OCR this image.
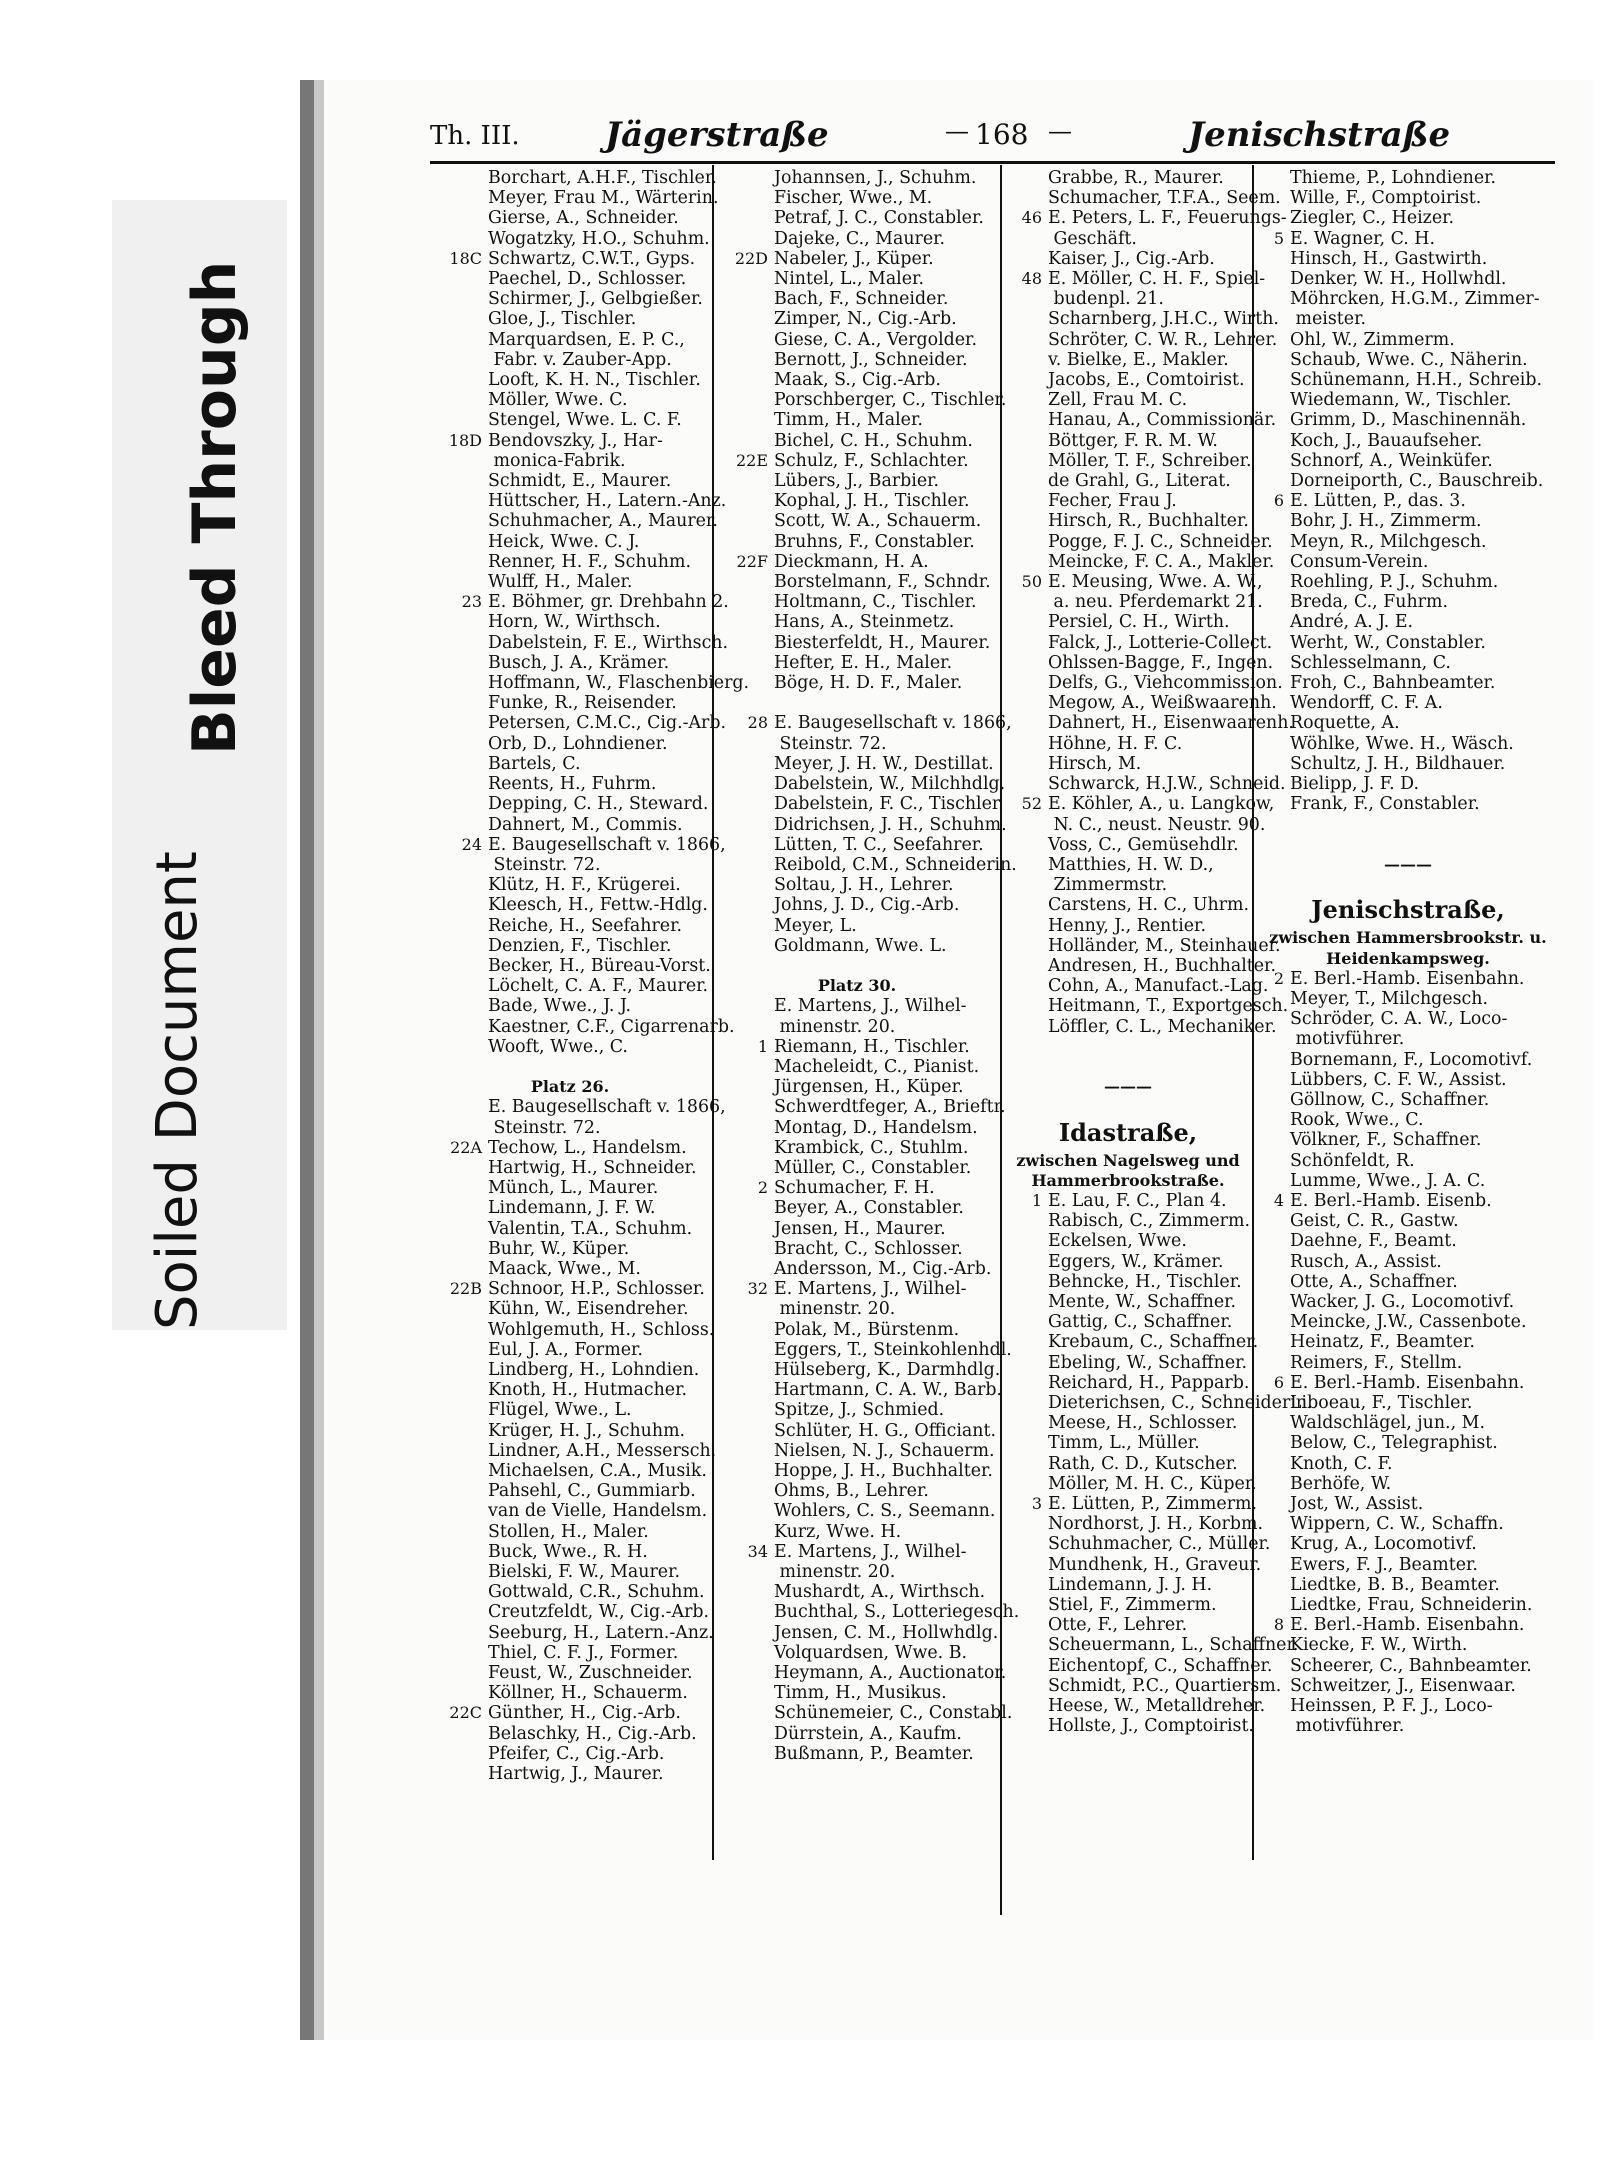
Soiled Document
Bleed Through
Th. III.	Jägerstraße	— 168 —	Jenischstraße

Borchart, A.H.F., Tischler.

Meyer, Frau M., Wärterin.

Gierse, A., Schneider.

Wogatzky, H.O., Schuhm.

18C Schwartz, C.W.T., Gyps.

Paechel, D., Schlosser.

Schirmer, J., Gelbgießer.

Gloe, J., Tischler.

Marquardsen, E. P. C.,

Fabr. v. Zauber-App.

Looft, K. H. N., Tischler.

Möller, Wwe. C.

Stengel, Wwe. L. C. F.

18D Bendovszky, J., Har-

monica-Fabrik.

Schmidt, E., Maurer.

Hüttscher, H., Latern.-Anz.

Schuhmacher, A., Maurer.

Heick, Wwe. C. J.

Renner, H. F., Schuhm.

Wulff, H., Maler.

23 E. Böhmer, gr. Drehbahn 2.

Horn, W., Wirthsch.

Dabelstein, F. E., Wirthsch.

Busch, J. A., Krämer.

Hoffmann, W., Flaschenbierg.

Funke, R., Reisender.

Petersen, C.M.C., Cig.-Arb.

Orb, D., Lohndiener.

Bartels, C.

Reents, H., Fuhrm.

Depping, C. H., Steward.

Dahnert, M., Commis.

24 E. Baugesellschaft v. 1866,

Steinstr. 72.

Klütz, H. F., Krügerei.

Kleesch, H., Fettw.-Hdlg.

Reiche, H., Seefahrer.

Denzien, F., Tischler.

Becker, H., Büreau-Vorst.

Löchelt, C. A. F., Maurer.

Bade, Wwe., J. J.

Kaestner, C.F., Cigarrenarb.

Wooft, Wwe., C.

Platz 26.

E. Baugesellschaft v. 1866,

Steinstr. 72.

22A Techow, L., Handelsm.

Hartwig, H., Schneider.

Münch, L., Maurer.

Lindemann, J. F. W.

Valentin, T.A., Schuhm.

Buhr, W., Küper.

Maack, Wwe., M.

22B Schnoor, H.P., Schlosser.

Kühn, W., Eisendreher.

Wohlgemuth, H., Schloss.

Eul, J. A., Former.

Lindberg, H., Lohndien.

Knoth, H., Hutmacher.

Flügel, Wwe., L.

Krüger, H. J., Schuhm.

Lindner, A.H., Messersch.

Michaelsen, C.A., Musik.

Pahsehl, C., Gummiarb.

van de Vielle, Handelsm.

Stollen, H., Maler.

Buck, Wwe., R. H.

Bielski, F. W., Maurer.

Gottwald, C.R., Schuhm.

Creutzfeldt, W., Cig.-Arb.

Seeburg, H., Latern.-Anz.

Thiel, C. F. J., Former.

Feust, W., Zuschneider.

Köllner, H., Schauerm.

22C Günther, H., Cig.-Arb.

Belaschky, H., Cig.-Arb.

Pfeifer, C., Cig.-Arb.

Hartwig, J., Maurer.

Johannsen, J., Schuhm.

Fischer, Wwe., M.

Petraf, J. C., Constabler.

Dajeke, C., Maurer.

22D Nabeler, J., Küper.

Nintel, L., Maler.

Bach, F., Schneider.

Zimper, N., Cig.-Arb.

Giese, C. A., Vergolder.

Bernott, J., Schneider.

Maak, S., Cig.-Arb.

Porschberger, C., Tischler.

Timm, H., Maler.

Bichel, C. H., Schuhm.

22E Schulz, F., Schlachter.

Lübers, J., Barbier.

Kophal, J. H., Tischler.

Scott, W. A., Schauerm.

Bruhns, F., Constabler.

22F Dieckmann, H. A.

Borstelmann, F., Schndr.

Holtmann, C., Tischler.

Hans, A., Steinmetz.

Biesterfeldt, H., Maurer.

Hefter, E. H., Maler.

Böge, H. D. F., Maler.

28 E. Baugesellschaft v. 1866,

Steinstr. 72.

Meyer, J. H. W., Destillat.

Dabelstein, W., Milchhdlg.

Dabelstein, F. C., Tischler.

Didrichsen, J. H., Schuhm.

Lütten, T. C., Seefahrer.

Reibold, C.M., Schneiderin.

Soltau, J. H., Lehrer.

Johns, J. D., Cig.-Arb.

Meyer, L.

Goldmann, Wwe. L.

Platz 30.

E. Martens, J., Wilhel-

minenstr. 20.

1 Riemann, H., Tischler.

Macheleidt, C., Pianist.

Jürgensen, H., Küper.

Schwerdtfeger, A., Brieftr.

Montag, D., Handelsm.

Krambick, C., Stuhlm.

Müller, C., Constabler.

2 Schumacher, F. H.

Beyer, A., Constabler.

Jensen, H., Maurer.

Bracht, C., Schlosser.

Andersson, M., Cig.-Arb.

32 E. Martens, J., Wilhel-

minenstr. 20.

Polak, M., Bürstenm.

Eggers, T., Steinkohlenhdl.

Hülseberg, K., Darmhdlg.

Hartmann, C. A. W., Barb.

Spitze, J., Schmied.

Schlüter, H. G., Officiant.

Nielsen, N. J., Schauerm.

Hoppe, J. H., Buchhalter.

Ohms, B., Lehrer.

Wohlers, C. S., Seemann.

Kurz, Wwe. H.

34 E. Martens, J., Wilhel-

minenstr. 20.

Mushardt, A., Wirthsch.

Buchthal, S., Lotteriegesch.

Jensen, C. M., Hollwhdlg.

Volquardsen, Wwe. B.

Heymann, A., Auctionator.

Timm, H., Musikus.

Schünemeier, C., Constabl.

Dürrstein, A., Kaufm.

Bußmann, P., Beamter.

Grabbe, R., Maurer.

Schumacher, T.F.A., Seem.

46 E. Peters, L. F., Feuerungs-

Geschäft.

Kaiser, J., Cig.-Arb.

48 E. Möller, C. H. F., Spiel-

budenpl. 21.

Scharnberg, J.H.C., Wirth.

Schröter, C. W. R., Lehrer.

v. Bielke, E., Makler.

Jacobs, E., Comtoirist.

Zell, Frau M. C.

Hanau, A., Commissionär.

Böttger, F. R. M. W.

Möller, T. F., Schreiber.

de Grahl, G., Literat.

Fecher, Frau J.

Hirsch, R., Buchhalter.

Pogge, F. J. C., Schneider.

Meincke, F. C. A., Makler.

50 E. Meusing, Wwe. A. W.,

a. neu. Pferdemarkt 21.

Persiel, C. H., Wirth.

Falck, J., Lotterie-Collect.

Ohlssen-Bagge, F., Ingen.

Delfs, G., Viehcommission.

Megow, A., Weißwaarenh.

Dahnert, H., Eisenwaarenh.

Höhne, H. F. C.

Hirsch, M.

Schwarck, H.J.W., Schneid.

52 E. Köhler, A., u. Langkow,

N. C., neust. Neustr. 90.

Voss, C., Gemüsehdlr.

Matthies, H. W. D.,

Zimmermstr.

Carstens, H. C., Uhrm.

Henny, J., Rentier.

Holländer, M., Steinhauer.

Andresen, H., Buchhalter.

Cohn, A., Manufact.-Lag.

Heitmann, T., Exportgesch.

Löffler, C. L., Mechaniker.

———

Idastraße,

zwischen Nagelsweg und

Hammerbrookstraße.

1 E. Lau, F. C., Plan 4.

Rabisch, C., Zimmerm.

Eckelsen, Wwe.

Eggers, W., Krämer.

Behncke, H., Tischler.

Mente, W., Schaffner.

Gattig, C., Schaffner.

Krebaum, C., Schaffner.

Ebeling, W., Schaffner.

Reichard, H., Papparb.

Dieterichsen, C., Schneiderin.

Meese, H., Schlosser.

Timm, L., Müller.

Rath, C. D., Kutscher.

Möller, M. H. C., Küper.

3 E. Lütten, P., Zimmerm.

Nordhorst, J. H., Korbm.

Schuhmacher, C., Müller.

Mundhenk, H., Graveur.

Lindemann, J. J. H.

Stiel, F., Zimmerm.

Otte, F., Lehrer.

Scheuermann, L., Schaffner.

Eichentopf, C., Schaffner.

Schmidt, P.C., Quartiersm.

Heese, W., Metalldreher.

Hollste, J., Comptoirist.

Thieme, P., Lohndiener.

Wille, F., Comptoirist.

Ziegler, C., Heizer.

5 E. Wagner, C. H.

Hinsch, H., Gastwirth.

Denker, W. H., Hollwhdl.

Möhrcken, H.G.M., Zimmer-

meister.

Ohl, W., Zimmerm.

Schaub, Wwe. C., Näherin.

Schünemann, H.H., Schreib.

Wiedemann, W., Tischler.

Grimm, D., Maschinennäh.

Koch, J., Bauaufseher.

Schnorf, A., Weinküfer.

Dorneiporth, C., Bauschreib.

6 E. Lütten, P., das. 3.

Bohr, J. H., Zimmerm.

Meyn, R., Milchgesch.

Consum-Verein.

Roehling, P. J., Schuhm.

Breda, C., Fuhrm.

André, A. J. E.

Werht, W., Constabler.

Schlesselmann, C.

Froh, C., Bahnbeamter.

Wendorff, C. F. A.

Roquette, A.

Wöhlke, Wwe. H., Wäsch.

Schultz, J. H., Bildhauer.

Bielipp, J. F. D.

Frank, F., Constabler.

———

Jenischstraße,

zwischen Hammersbrookstr. u.

Heidenkampsweg.

2 E. Berl.-Hamb. Eisenbahn.

Meyer, T., Milchgesch.

Schröder, C. A. W., Loco-

motivführer.

Bornemann, F., Locomotivf.

Lübbers, C. F. W., Assist.

Göllnow, C., Schaffner.

Rook, Wwe., C.

Völkner, F., Schaffner.

Schönfeldt, R.

Lumme, Wwe., J. A. C.

4 E. Berl.-Hamb. Eisenb.

Geist, C. R., Gastw.

Daehne, F., Beamt.

Rusch, A., Assist.

Otte, A., Schaffner.

Wacker, J. G., Locomotivf.

Meincke, J.W., Cassenbote.

Heinatz, F., Beamter.

Reimers, F., Stellm.

6 E. Berl.-Hamb. Eisenbahn.

Liboeau, F., Tischler.

Waldschlägel, jun., M.

Below, C., Telegraphist.

Knoth, C. F.

Berhöfe, W.

Jost, W., Assist.

Wippern, C. W., Schaffn.

Krug, A., Locomotivf.

Ewers, F. J., Beamter.

Liedtke, B. B., Beamter.

Liedtke, Frau, Schneiderin.

8 E. Berl.-Hamb. Eisenbahn.

Kiecke, F. W., Wirth.

Scheerer, C., Bahnbeamter.

Schweitzer, J., Eisenwaar.

Heinssen, P. F. J., Loco-

motivführer.
